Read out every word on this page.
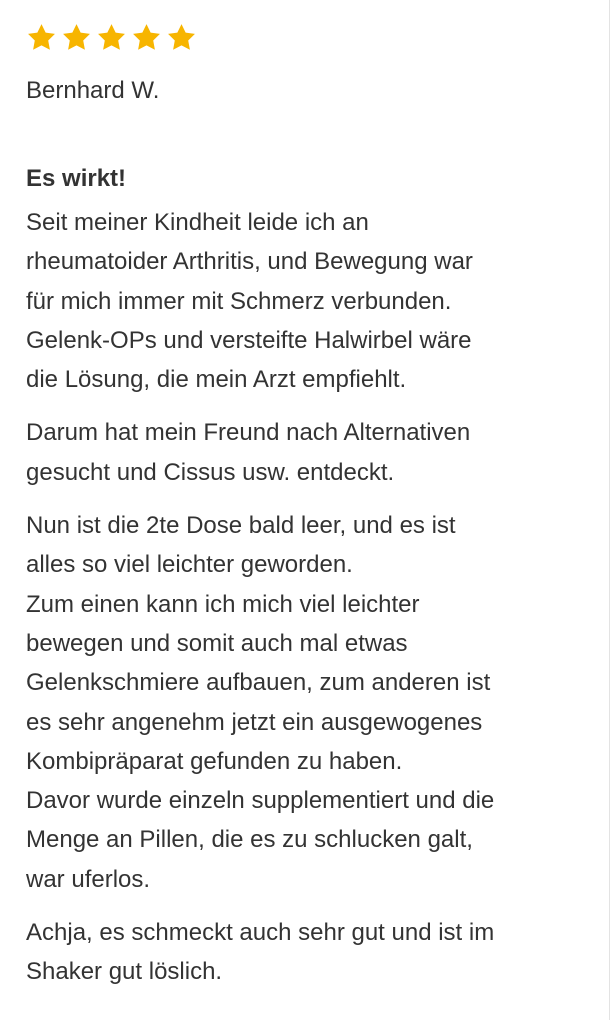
Bernhard W.
Es wirkt!

Seit meiner Kindheit leide ich an
rheumatoider Arthritis, und Bewegung war
für mich immer mit Schmerz verbunden.
Gelenk-OPs und versteifte Halwirbel wäre
die Lösung, die mein Arzt empfiehlt.

Darum hat mein Freund nach Alternativen
gesucht und Cissus usw. entdeckt.

Nun ist die 2te Dose bald leer, und es ist
alles so viel leichter geworden.
Zum einen kann ich mich viel leichter
bewegen und somit auch mal etwas
Gelenkschmiere aufbauen, zum anderen ist
es sehr angenehm jetzt ein ausgewogenes
Kombipräparat gefunden zu haben.
Davor wurde einzeln supplementiert und die
Menge an Pillen, die es zu schlucken galt,
war uferlos.

Achja, es schmeckt auch sehr gut und ist im
Shaker gut löslich.
